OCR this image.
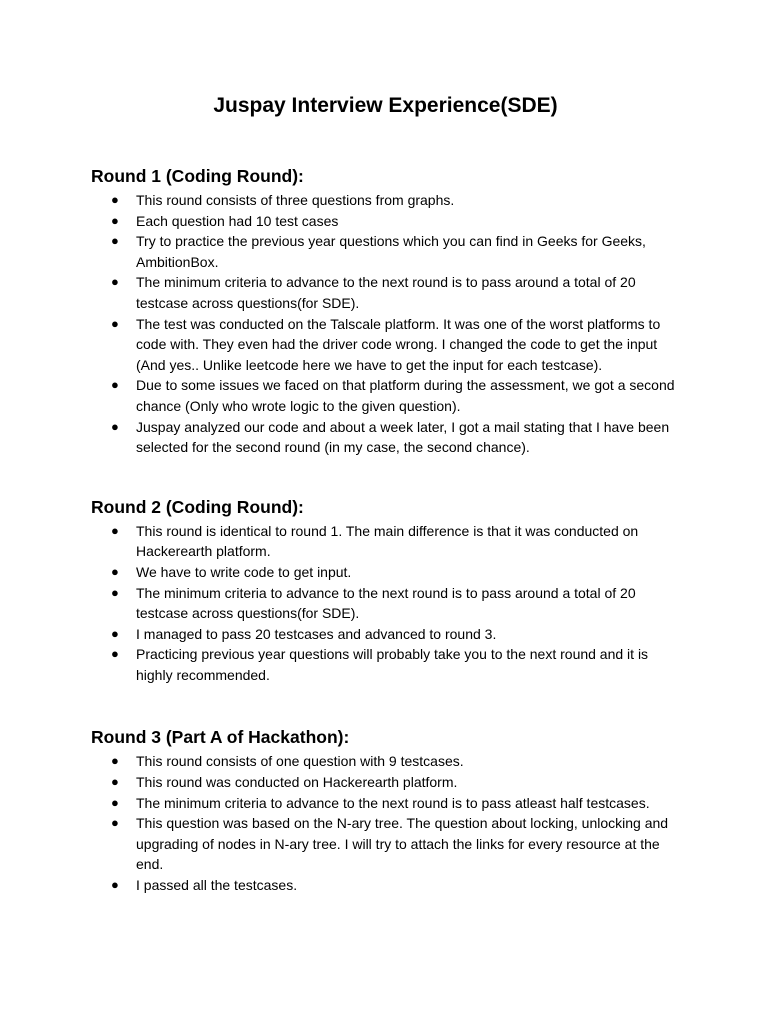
Juspay Interview Experience(SDE)
Round 1 (Coding Round):
● This round consists of three questions from graphs.
● Each question had 10 test cases
● Try to practice the previous year questions which you can find in Geeks for Geeks, AmbitionBox.
● The minimum criteria to advance to the next round is to pass around a total of 20 testcase across questions(for SDE).
● The test was conducted on the Talscale platform. It was one of the worst platforms to code with. They even had the driver code wrong. I changed the code to get the input (And yes.. Unlike leetcode here we have to get the input for each testcase).
● Due to some issues we faced on that platform during the assessment, we got a second chance (Only who wrote logic to the given question).
● Juspay analyzed our code and about a week later, I got a mail stating that I have been selected for the second round (in my case, the second chance).
Round 2 (Coding Round):
● This round is identical to round 1. The main difference is that it was conducted on Hackerearth platform.
● We have to write code to get input.
● The minimum criteria to advance to the next round is to pass around a total of 20 testcase across questions(for SDE).
● I managed to pass 20 testcases and advanced to round 3.
● Practicing previous year questions will probably take you to the next round and it is highly recommended.
Round 3 (Part A of Hackathon):
● This round consists of one question with 9 testcases.
● This round was conducted on Hackerearth platform.
● The minimum criteria to advance to the next round is to pass atleast half testcases.
● This question was based on the N-ary tree. The question about locking, unlocking and upgrading of nodes in N-ary tree. I will try to attach the links for every resource at the end.
● I passed all the testcases.
